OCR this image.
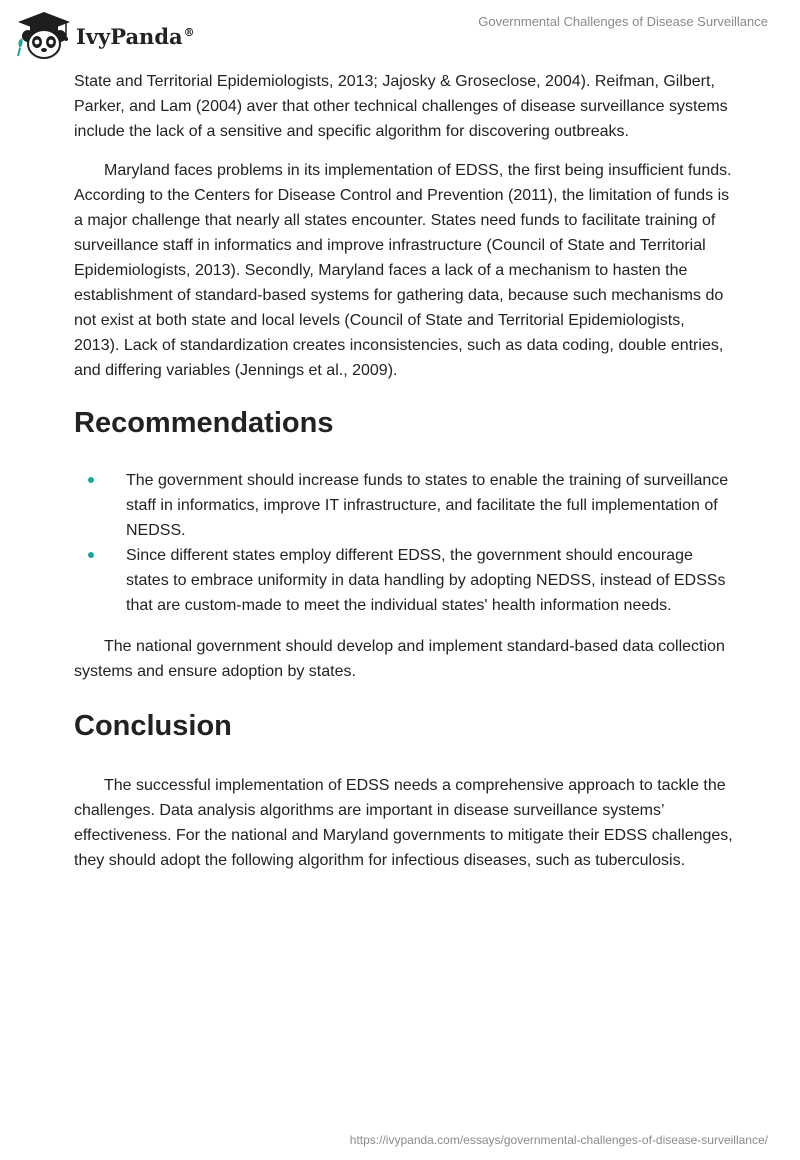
IvyPanda®
Governmental Challenges of Disease Surveillance

State and Territorial Epidemiologists, 2013; Jajosky & Groseclose, 2004). Reifman, Gilbert, Parker, and Lam (2004) aver that other technical challenges of disease surveillance systems include the lack of a sensitive and specific algorithm for discovering outbreaks.

Maryland faces problems in its implementation of EDSS, the first being insufficient funds. According to the Centers for Disease Control and Prevention (2011), the limitation of funds is a major challenge that nearly all states encounter. States need funds to facilitate training of surveillance staff in informatics and improve infrastructure (Council of State and Territorial Epidemiologists, 2013). Secondly, Maryland faces a lack of a mechanism to hasten the establishment of standard-based systems for gathering data, because such mechanisms do not exist at both state and local levels (Council of State and Territorial Epidemiologists, 2013). Lack of standardization creates inconsistencies, such as data coding, double entries, and differing variables (Jennings et al., 2009).

Recommendations
The government should increase funds to states to enable the training of surveillance staff in informatics, improve IT infrastructure, and facilitate the full implementation of NEDSS.
Since different states employ different EDSS, the government should encourage states to embrace uniformity in data handling by adopting NEDSS, instead of EDSSs that are custom-made to meet the individual states' health information needs.

The national government should develop and implement standard-based data collection systems and ensure adoption by states.

Conclusion

The successful implementation of EDSS needs a comprehensive approach to tackle the challenges. Data analysis algorithms are important in disease surveillance systems’ effectiveness. For the national and Maryland governments to mitigate their EDSS challenges, they should adopt the following algorithm for infectious diseases, such as tuberculosis.

https://ivypanda.com/essays/governmental-challenges-of-disease-surveillance/
